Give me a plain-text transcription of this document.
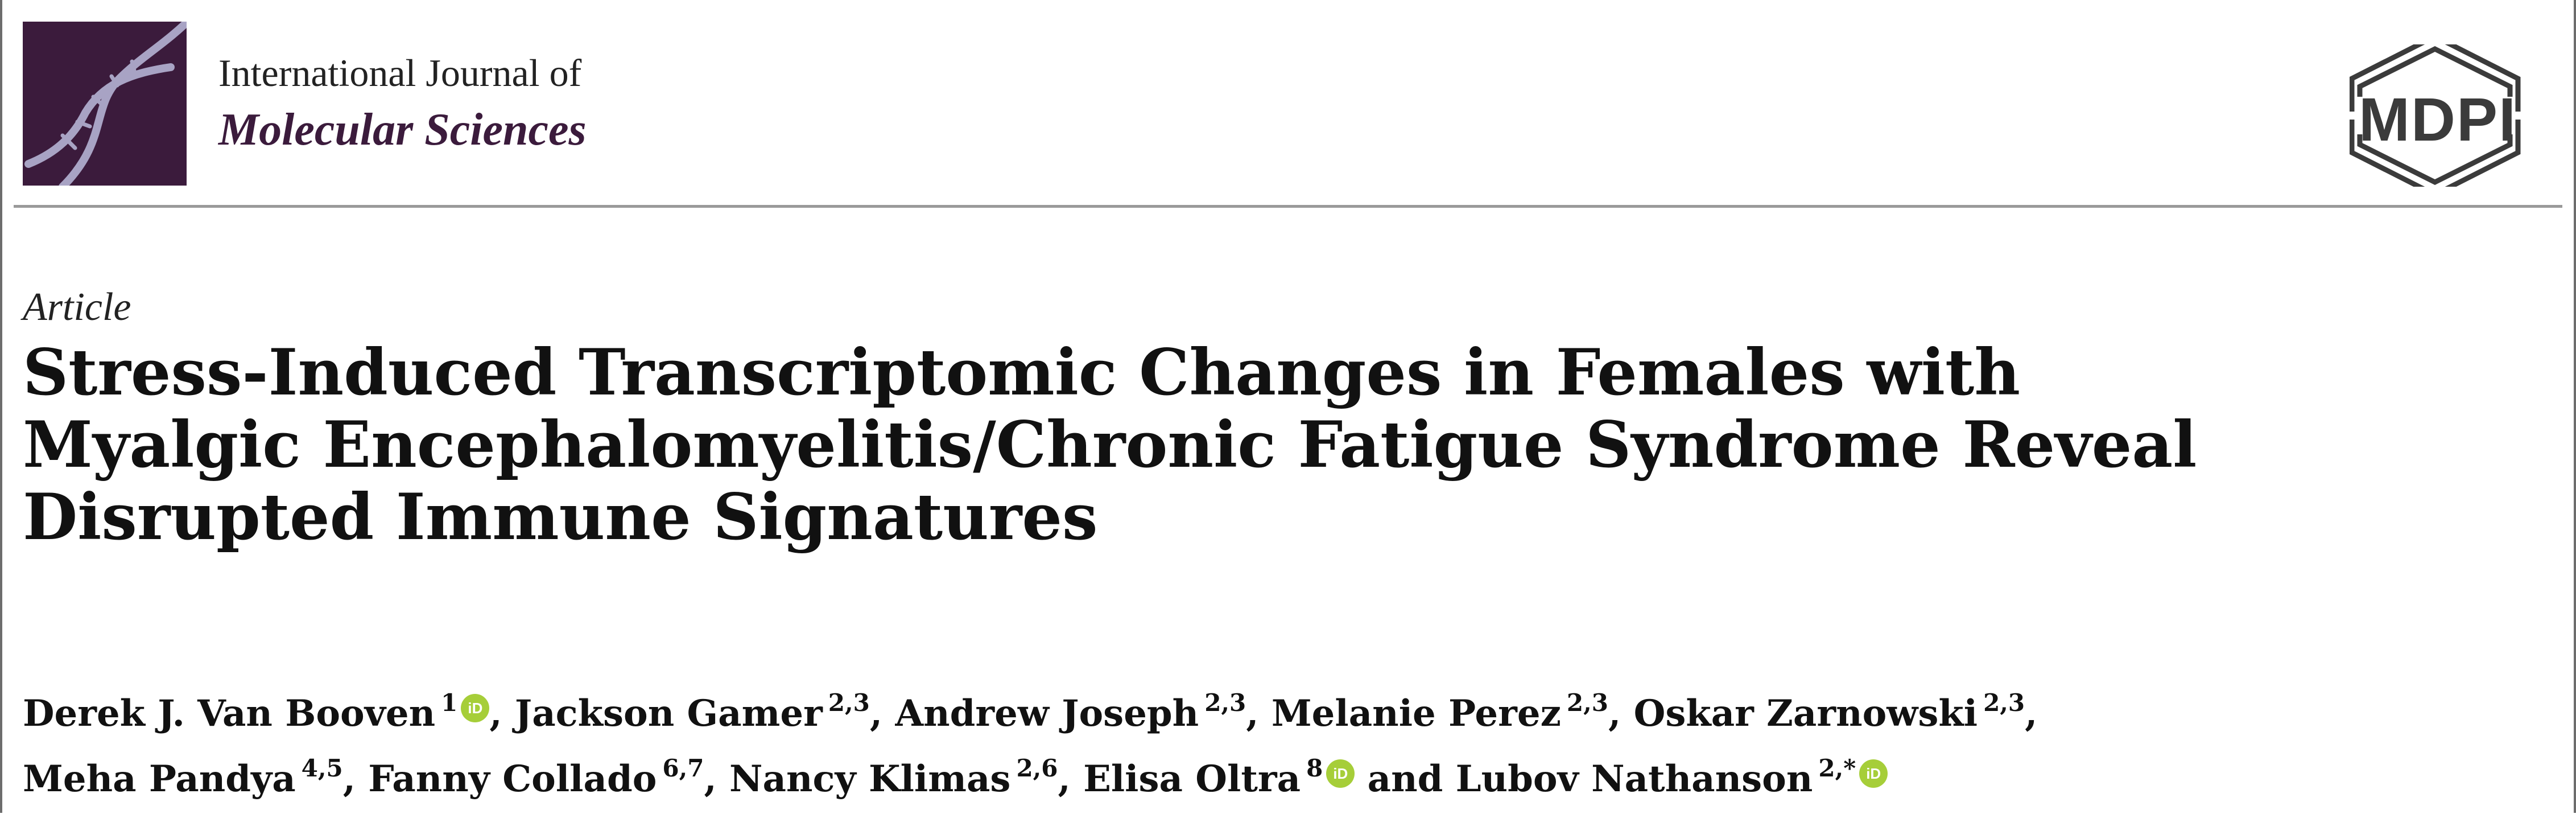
International Journal of
Molecular Sciences	MDPI
Article
Stress-Induced Transcriptomic Changes in Females with
Myalgic Encephalomyelitis/Chronic Fatigue Syndrome Reveal
Disrupted Immune Signatures
Derek J. Van Booven $^1$ iD , Jackson Gamer $^{2,3}$, Andrew Joseph $^{2,3}$, Melanie Perez $^{2,3}$, Oskar Zarnowski $^{2,3}$,
Meha Pandya $^{4,5}$, Fanny Collado $^{6,7}$, Nancy Klimas $^{2,6}$, Elisa Oltra $^8$ iD and Lubov Nathanson $^{2,*}$ iD
